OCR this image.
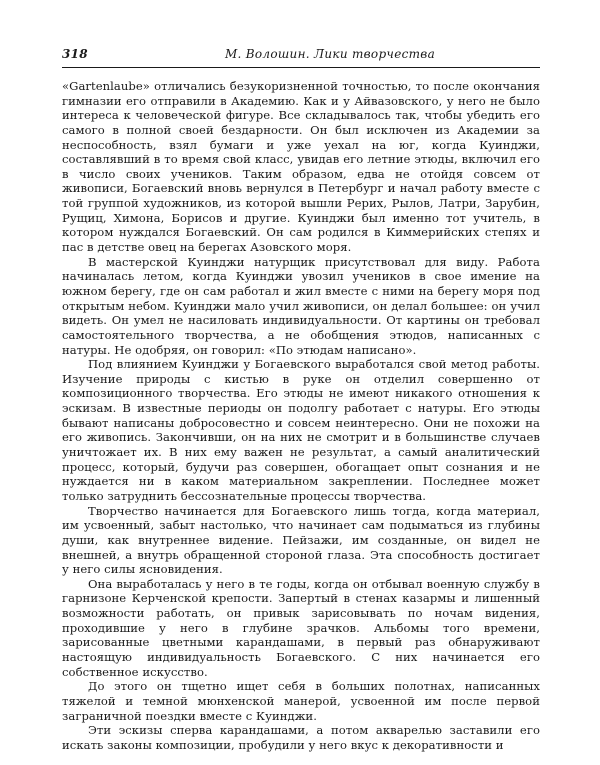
318	М. Волошин. Лики творчества

«Gartenlaube» отличались безукоризненной точностью, то после окончания гимназии его отправили в Академию. Как и у Айвазовского, у него не было интереса к человеческой фигуре. Все складывалось так, чтобы убедить его самого в полной своей бездарности. Он был исключен из Академии за неспособность, взял бумаги и уже уехал на юг, когда Куинджи, составлявший в то время свой класс, увидав его летние этюды, включил его в число своих учеников. Таким образом, едва не отойдя совсем от живописи, Богаевский вновь вернулся в Петербург и начал работу вместе с той группой художников, из которой вышли Рерих, Рылов, Латри, Зарубин, Рущиц, Химона, Борисов и другие. Куинджи был именно тот учитель, в котором нуждался Богаевский. Он сам родился в Киммерийских степях и пас в детстве овец на берегах Азовского моря.

В мастерской Куинджи натурщик присутствовал для виду. Работа начиналась летом, когда Куинджи увозил учеников в свое имение на южном берегу, где он сам работал и жил вместе с ними на берегу моря под открытым небом. Куинджи мало учил живописи, он делал большее: он учил видеть. Он умел не насиловать индивидуальности. От картины он требовал самостоятельного творчества, а не обобщения этюдов, написанных с натуры. Не одобряя, он говорил: «По этюдам написано».

Под влиянием Куинджи у Богаевского выработался свой метод работы. Изучение природы с кистью в руке он отделил совершенно от композиционного творчества. Его этюды не имеют никакого отношения к эскизам. В известные периоды он подолгу работает с натуры. Его этюды бывают написаны добросовестно и совсем неинтересно. Они не похожи на его живопись. Закончивши, он на них не смотрит и в большинстве случаев уничтожает их. В них ему важен не результат, а самый аналитический процесс, который, будучи раз совершен, обогащает опыт сознания и не нуждается ни в каком материальном закреплении. Последнее может только затруднить бессознательные процессы творчества.

Творчество начинается для Богаевского лишь тогда, когда материал, им усвоенный, забыт настолько, что начинает сам подыматься из глубины души, как внутреннее видение. Пейзажи, им созданные, он видел не внешней, а внутрь обращенной стороной глаза. Эта способность достигает у него силы ясновидения.

Она выработалась у него в те годы, когда он отбывал военную службу в гарнизоне Керченской крепости. Запертый в стенах казармы и лишенный возможности работать, он привык зарисовывать по ночам видения, проходившие у него в глубине зрачков. Альбомы того времени, зарисованные цветными карандашами, в первый раз обнаруживают настоящую индивидуальность Богаевского. С них начинается его собственное искусство.

До этого он тщетно ищет себя в больших полотнах, написанных тяжелой и темной мюнхенской манерой, усвоенной им после первой заграничной поездки вместе с Куинджи.

Эти эскизы сперва карандашами, а потом акварелью заставили его искать законы композиции, пробудили у него вкус к декоративности и
